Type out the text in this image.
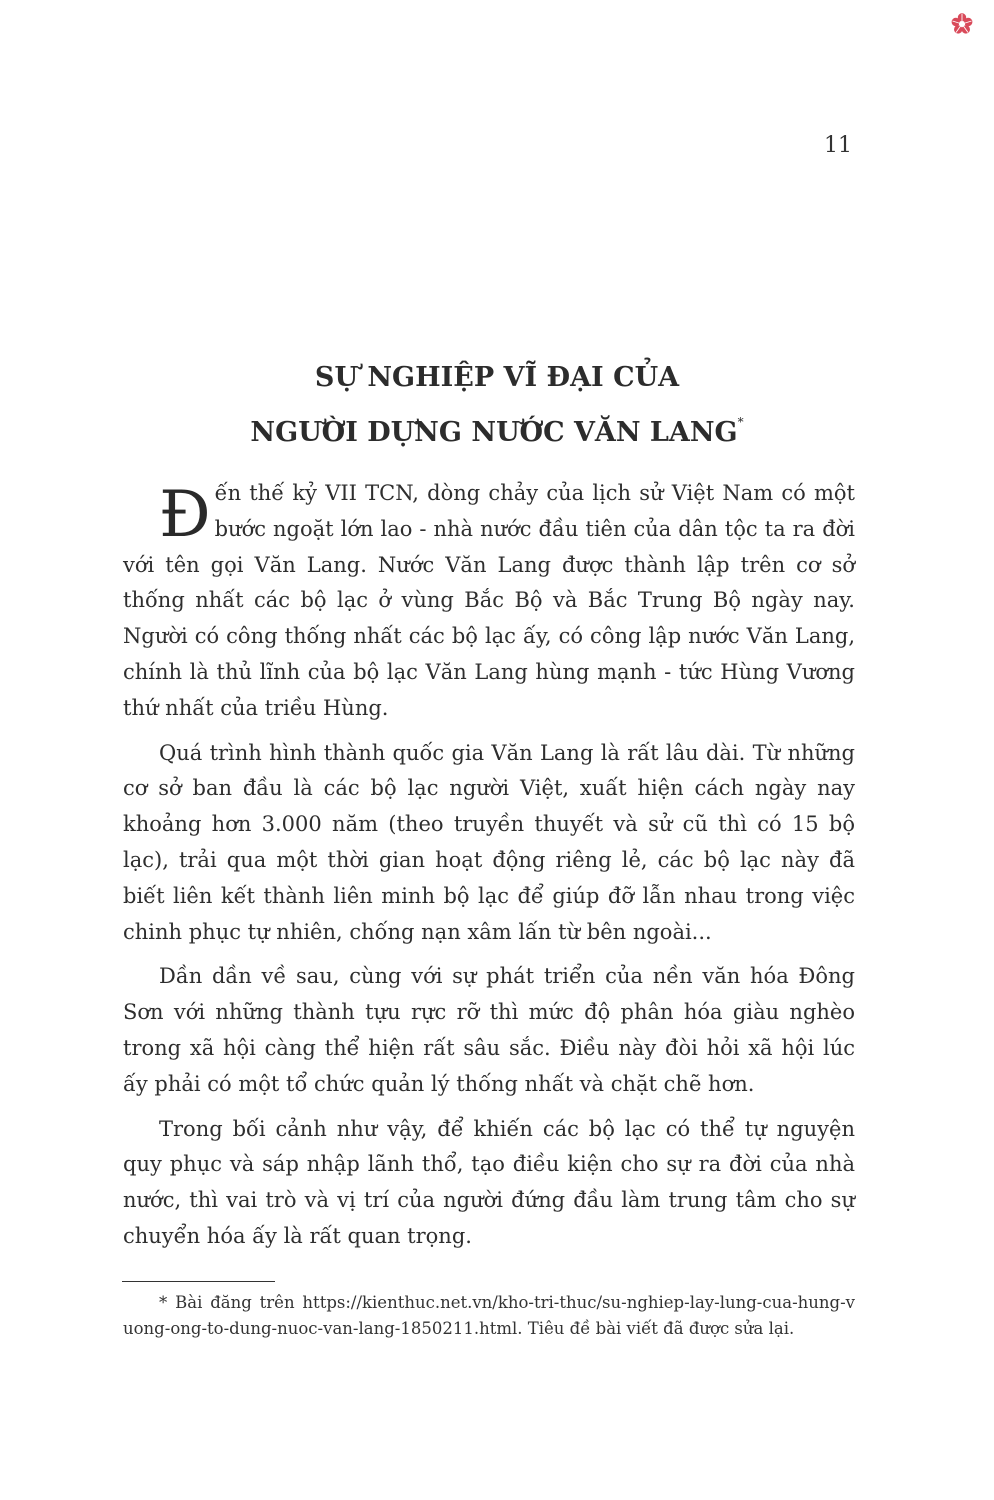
11
SỰ NGHIỆP VĨ ĐẠI CỦA
NGƯỜI DỰNG NƯỚC VĂN LANG*

Đến thế kỷ VII TCN, dòng chảy của lịch sử Việt Nam có một bước ngoặt lớn lao - nhà nước đầu tiên của dân tộc ta ra đời với tên gọi Văn Lang. Nước Văn Lang được thành lập trên cơ sở thống nhất các bộ lạc ở vùng Bắc Bộ và Bắc Trung Bộ ngày nay. Người có công thống nhất các bộ lạc ấy, có công lập nước Văn Lang, chính là thủ lĩnh của bộ lạc Văn Lang hùng mạnh - tức Hùng Vương thứ nhất của triều Hùng.

Quá trình hình thành quốc gia Văn Lang là rất lâu dài. Từ những cơ sở ban đầu là các bộ lạc người Việt, xuất hiện cách ngày nay khoảng hơn 3.000 năm (theo truyền thuyết và sử cũ thì có 15 bộ lạc), trải qua một thời gian hoạt động riêng lẻ, các bộ lạc này đã biết liên kết thành liên minh bộ lạc để giúp đỡ lẫn nhau trong việc chinh phục tự nhiên, chống nạn xâm lấn từ bên ngoài...

Dần dần về sau, cùng với sự phát triển của nền văn hóa Đông Sơn với những thành tựu rực rỡ thì mức độ phân hóa giàu nghèo trong xã hội càng thể hiện rất sâu sắc. Điều này đòi hỏi xã hội lúc ấy phải có một tổ chức quản lý thống nhất và chặt chẽ hơn.

Trong bối cảnh như vậy, để khiến các bộ lạc có thể tự nguyện quy phục và sáp nhập lãnh thổ, tạo điều kiện cho sự ra đời của nhà nước, thì vai trò và vị trí của người đứng đầu làm trung tâm cho sự chuyển hóa ấy là rất quan trọng.

* Bài đăng trên https://kienthuc.net.vn/kho-tri-thuc/su-nghiep-lay-lung-cua-hung-vuong-ong-to-dung-nuoc-van-lang-1850211.html. Tiêu đề bài viết đã được sửa lại.
